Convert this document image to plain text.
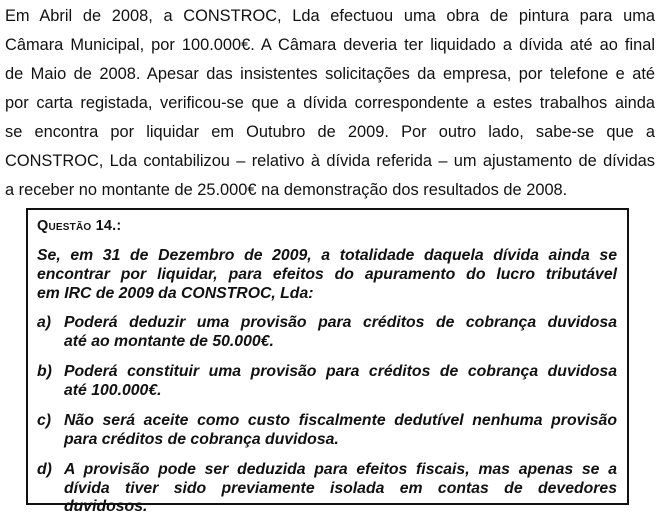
Em Abril de 2008, a CONSTROC, Lda efectuou uma obra de pintura para uma
Câmara Municipal, por 100.000€. A Câmara deveria ter liquidado a dívida até ao final
de Maio de 2008. Apesar das insistentes solicitações da empresa, por telefone e até
por carta registada, verificou-se que a dívida correspondente a estes trabalhos ainda
se encontra por liquidar em Outubro de 2009. Por outro lado, sabe-se que a
CONSTROC, Lda contabilizou – relativo à dívida referida – um ajustamento de dívidas
a receber no montante de 25.000€ na demonstração dos resultados de 2008.
Questão 14.:
Se, em 31 de Dezembro de 2009, a totalidade daquela dívida ainda se
encontrar por liquidar, para efeitos do apuramento do lucro tributável
em IRC de 2009 da CONSTROC, Lda:
a) Poderá deduzir uma provisão para créditos de cobrança duvidosa
até ao montante de 50.000€.
b) Poderá constituir uma provisão para créditos de cobrança duvidosa
até 100.000€.
c) Não será aceite como custo fiscalmente dedutível nenhuma provisão
para créditos de cobrança duvidosa.
d) A provisão pode ser deduzida para efeitos fiscais, mas apenas se a
dívida tiver sido previamente isolada em contas de devedores
duvidosos.
